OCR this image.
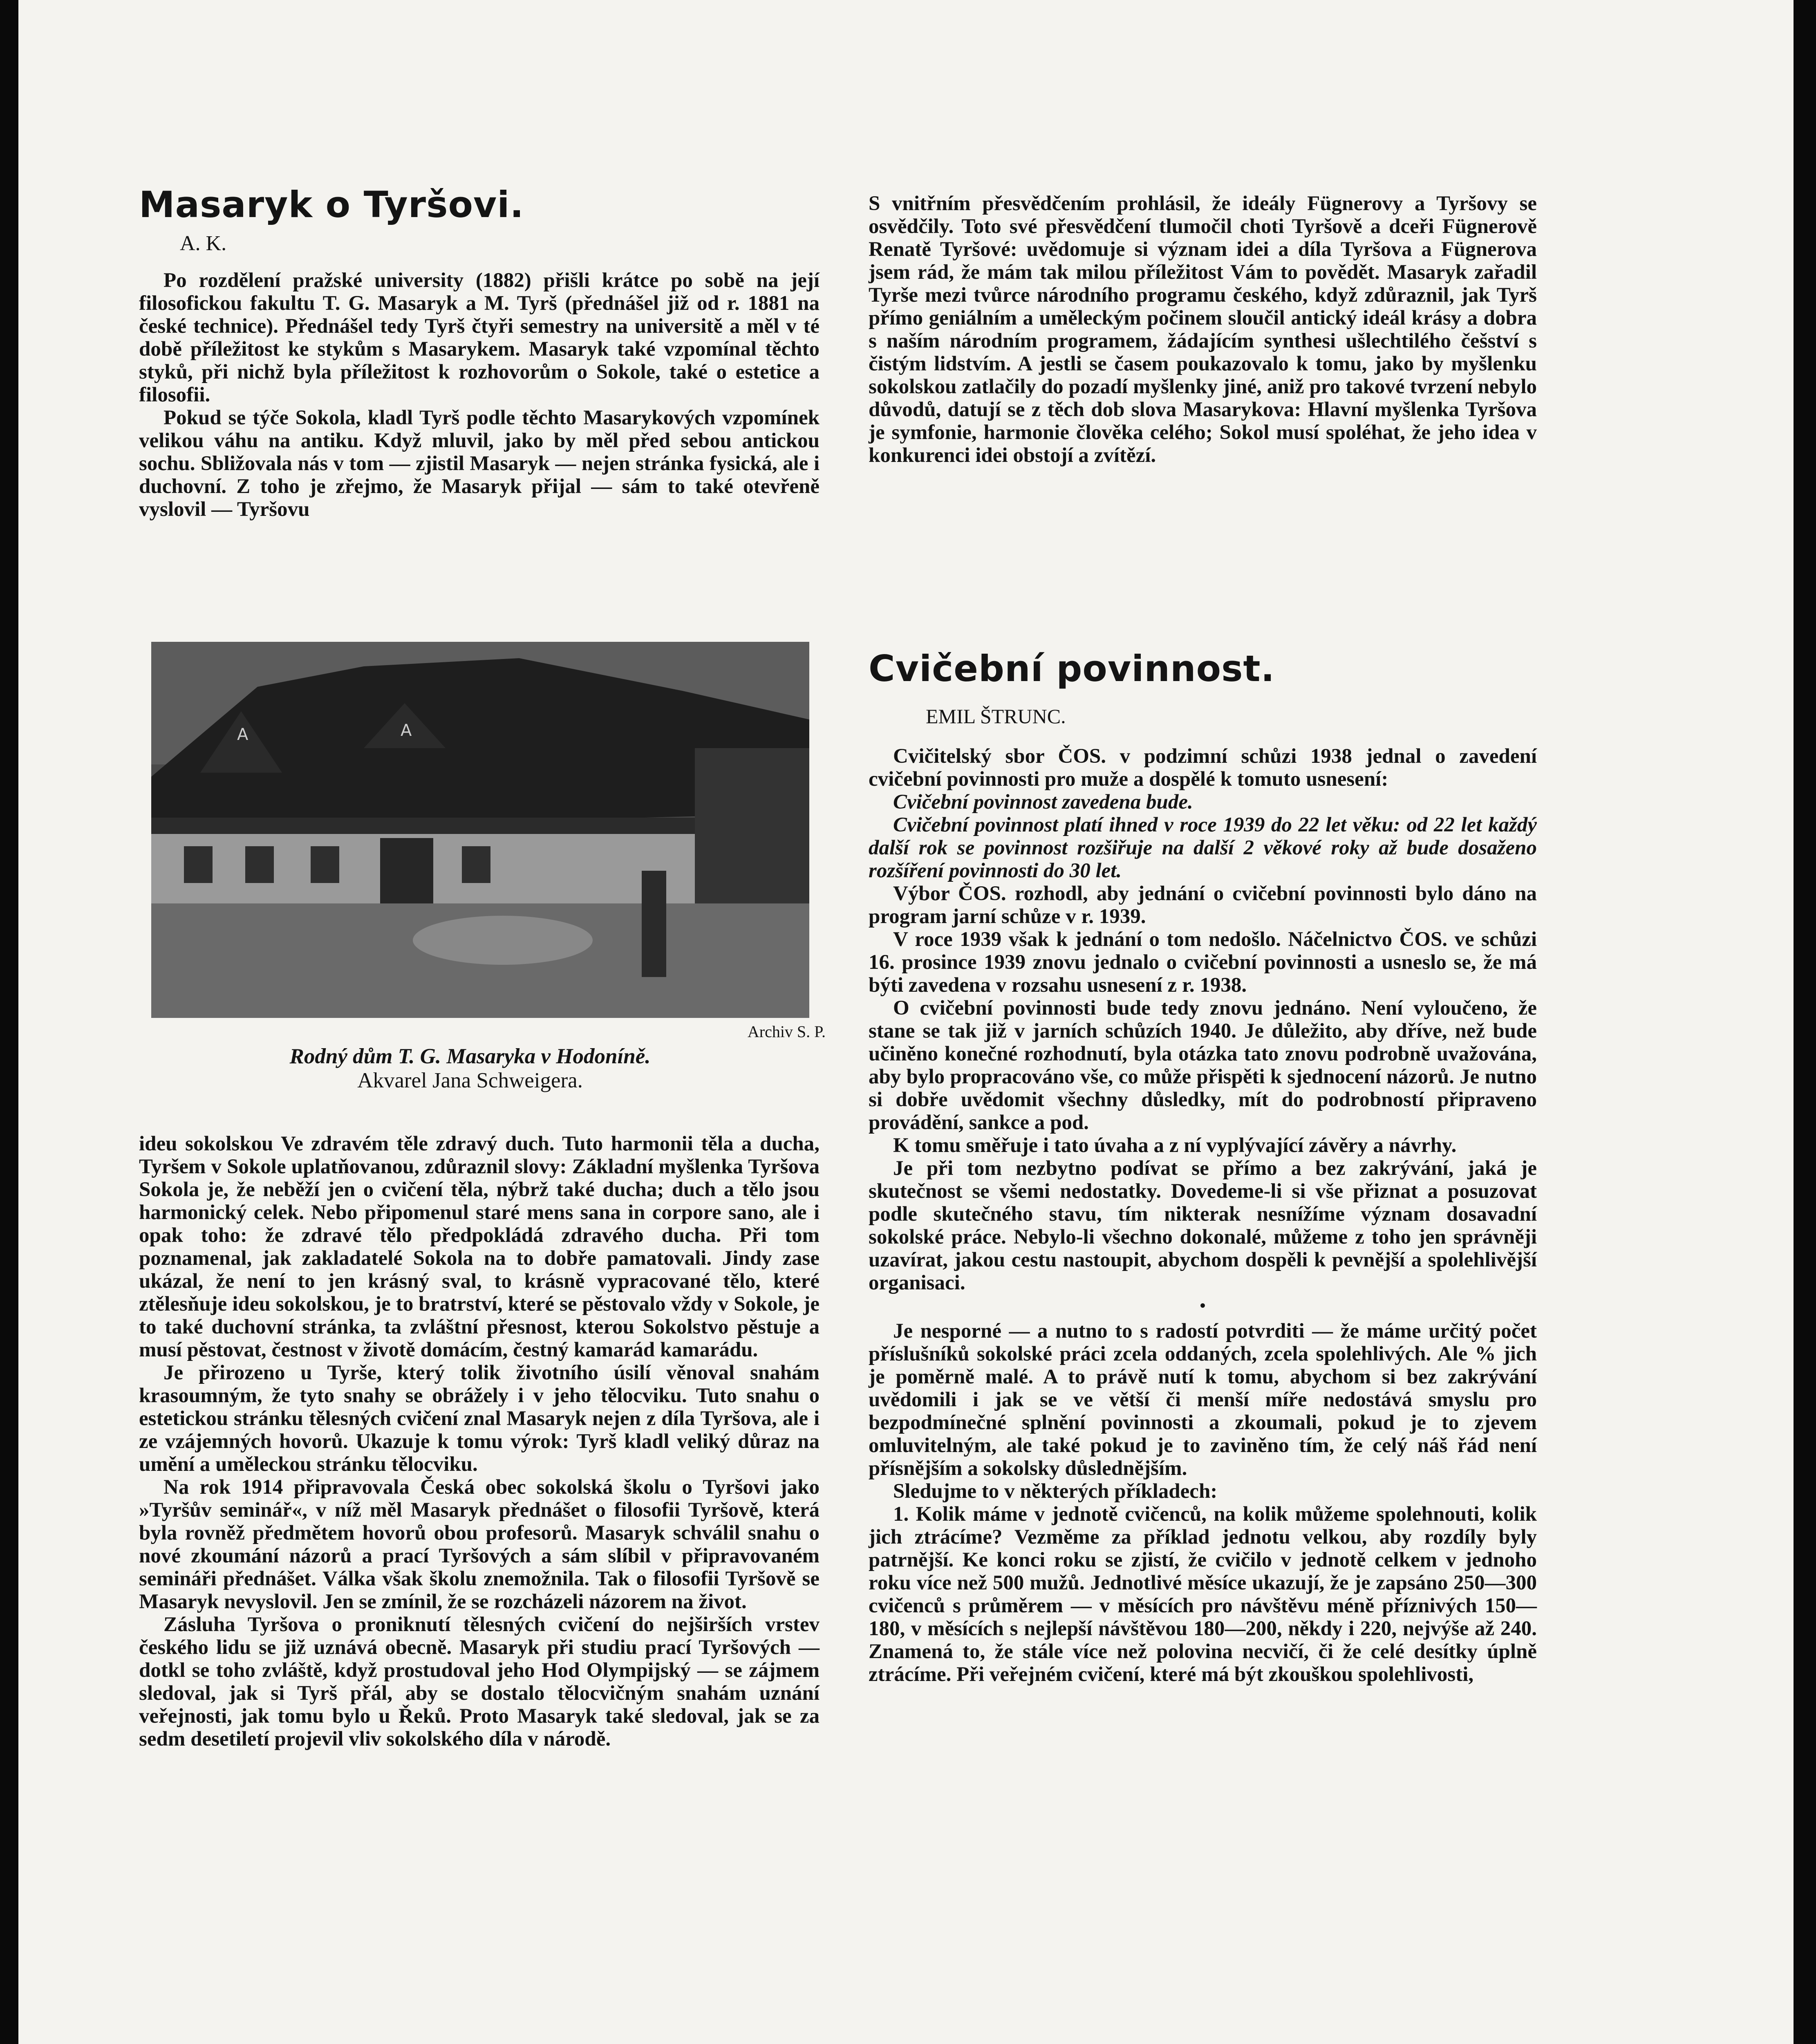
Masaryk o Tyršovi.

A. K.

Po rozdělení pražské university (1882) přišli krátce po sobě na její filosofickou fakultu T. G. Masaryk a M. Tyrš (přednášel již od r. 1881 na české technice). Přednášel tedy Tyrš čtyři semestry na universitě a měl v té době příležitost ke stykům s Masarykem. Masaryk také vzpomínal těchto styků, při nichž byla příležitost k rozhovorům o Sokole, také o estetice a filosofii.

Pokud se týče Sokola, kladl Tyrš podle těchto Masarykových vzpomínek velikou váhu na antiku. Když mluvil, jako by měl před sebou antickou sochu. Sbližovala nás v tom — zjistil Masaryk — nejen stránka fysická, ale i duchovní. Z toho je zřejmo, že Masaryk přijal — sám to také otevřeně vyslovil — Tyršovu

A	A
Archiv S. P.
Rodný dům T. G. Masaryka v Hodoníně.
Akvarel Jana Schweigera.

ideu sokolskou Ve zdravém těle zdravý duch. Tuto harmonii těla a ducha, Tyršem v Sokole uplatňovanou, zdůraznil slovy: Základní myšlenka Tyršova Sokola je, že neběží jen o cvičení těla, nýbrž také ducha; duch a tělo jsou harmonický celek. Nebo připomenul staré mens sana in corpore sano, ale i opak toho: že zdravé tělo předpokládá zdravého ducha. Při tom poznamenal, jak zakladatelé Sokola na to dobře pamatovali. Jindy zase ukázal, že není to jen krásný sval, to krásně vypracované tělo, které ztělesňuje ideu sokolskou, je to bratrství, které se pěstovalo vždy v Sokole, je to také duchovní stránka, ta zvláštní přesnost, kterou Sokolstvo pěstuje a musí pěstovat, čestnost v životě domácím, čestný kamarád kamarádu.

Je přirozeno u Tyrše, který tolik životního úsilí věnoval snahám krasoumným, že tyto snahy se obrážely i v jeho tělocviku. Tuto snahu o estetickou stránku tělesných cvičení znal Masaryk nejen z díla Tyršova, ale i ze vzájemných hovorů. Ukazuje k tomu výrok: Tyrš kladl veliký důraz na umění a uměleckou stránku tělocviku.

Na rok 1914 připravovala Česká obec sokolská školu o Tyršovi jako »Tyršův seminář«, v níž měl Masaryk přednášet o filosofii Tyršově, která byla rovněž předmětem hovorů obou profesorů. Masaryk schválil snahu o nové zkoumání názorů a prací Tyršových a sám slíbil v připravovaném semináři přednášet. Válka však školu znemožnila. Tak o filosofii Tyršově se Masaryk nevyslovil. Jen se zmínil, že se rozcházeli názorem na život.

Zásluha Tyršova o proniknutí tělesných cvičení do nejširších vrstev českého lidu se již uznává obecně. Masaryk při studiu prací Tyršových — dotkl se toho zvláště, když prostudoval jeho Hod Olympijský — se zájmem sledoval, jak si Tyrš přál, aby se dostalo tělocvičným snahám uznání veřejnosti, jak tomu bylo u Řeků. Proto Masaryk také sledoval, jak se za sedm desetiletí projevil vliv sokolského díla v národě.

S vnitřním přesvědčením prohlásil, že ideály Fügnerovy a Tyršovy se osvědčily. Toto své přesvědčení tlumočil choti Tyršově a dceři Fügnerově Renatě Tyršové: uvědomuje si význam idei a díla Tyršova a Fügnerova jsem rád, že mám tak milou příležitost Vám to povědět. Masaryk zařadil Tyrše mezi tvůrce národního programu českého, když zdůraznil, jak Tyrš přímo geniálním a uměleckým počinem sloučil antický ideál krásy a dobra s naším národním programem, žádajícím synthesi ušlechtilého češství s čistým lidstvím. A jestli se časem poukazovalo k tomu, jako by myšlenku sokolskou zatlačily do pozadí myšlenky jiné, aniž pro takové tvrzení nebylo důvodů, datují se z těch dob slova Masarykova: Hlavní myšlenka Tyršova je symfonie, harmonie člověka celého; Sokol musí spoléhat, že jeho idea v konkurenci idei obstojí a zvítězí.

Cvičební povinnost.

EMIL ŠTRUNC.

Cvičitelský sbor ČOS. v podzimní schůzi 1938 jednal o zavedení cvičební povinnosti pro muže a dospělé k tomuto usnesení:

Cvičební povinnost zavedena bude.

Cvičební povinnost platí ihned v roce 1939 do 22 let věku: od 22 let každý další rok se povinnost rozšiřuje na další 2 věkové roky až bude dosaženo rozšíření povinnosti do 30 let.

Výbor ČOS. rozhodl, aby jednání o cvičební povinnosti bylo dáno na program jarní schůze v r. 1939.

V roce 1939 však k jednání o tom nedošlo. Náčelnictvo ČOS. ve schůzi 16. prosince 1939 znovu jednalo o cvičební povinnosti a usneslo se, že má býti zavedena v rozsahu usnesení z r. 1938.

O cvičební povinnosti bude tedy znovu jednáno. Není vyloučeno, že stane se tak již v jarních schůzích 1940. Je důležito, aby dříve, než bude učiněno konečné rozhodnutí, byla otázka tato znovu podrobně uvažována, aby bylo propracováno vše, co může přispěti k sjednocení názorů. Je nutno si dobře uvědomit všechny důsledky, mít do podrobností připraveno provádění, sankce a pod.

K tomu směřuje i tato úvaha a z ní vyplývající závěry a návrhy.

Je při tom nezbytno podívat se přímo a bez zakrývání, jaká je skutečnost se všemi nedostatky. Dovedeme-li si vše přiznat a posuzovat podle skutečného stavu, tím nikterak nesnížíme význam dosavadní sokolské práce. Nebylo-li všechno dokonalé, můžeme z toho jen správněji uzavírat, jakou cestu nastoupit, abychom dospěli k pevnější a spolehlivější organisaci.

•

Je nesporné — a nutno to s radostí potvrditi — že máme určitý počet příslušníků sokolské práci zcela oddaných, zcela spolehlivých. Ale % jich je poměrně malé. A to právě nutí k tomu, abychom si bez zakrývání uvědomili i jak se ve větší či menší míře nedostává smyslu pro bezpodmínečné splnění povinnosti a zkoumali, pokud je to zjevem omluvitelným, ale také pokud je to zaviněno tím, že celý náš řád není přísnějším a sokolsky důslednějším.

Sledujme to v některých příkladech:

1. Kolik máme v jednotě cvičenců, na kolik můžeme spolehnouti, kolik jich ztrácíme? Vezměme za příklad jednotu velkou, aby rozdíly byly patrnější. Ke konci roku se zjistí, že cvičilo v jednotě celkem v jednoho roku více než 500 mužů. Jednotlivé měsíce ukazují, že je zapsáno 250—300 cvičenců s průměrem — v měsících pro návštěvu méně příznivých 150—180, v měsících s nejlepší návštěvou 180—200, někdy i 220, nejvýše až 240. Znamená to, že stále více než polovina necvičí, či že celé desítky úplně ztrácíme. Při veřejném cvičení, které má být zkouškou spolehlivosti,
